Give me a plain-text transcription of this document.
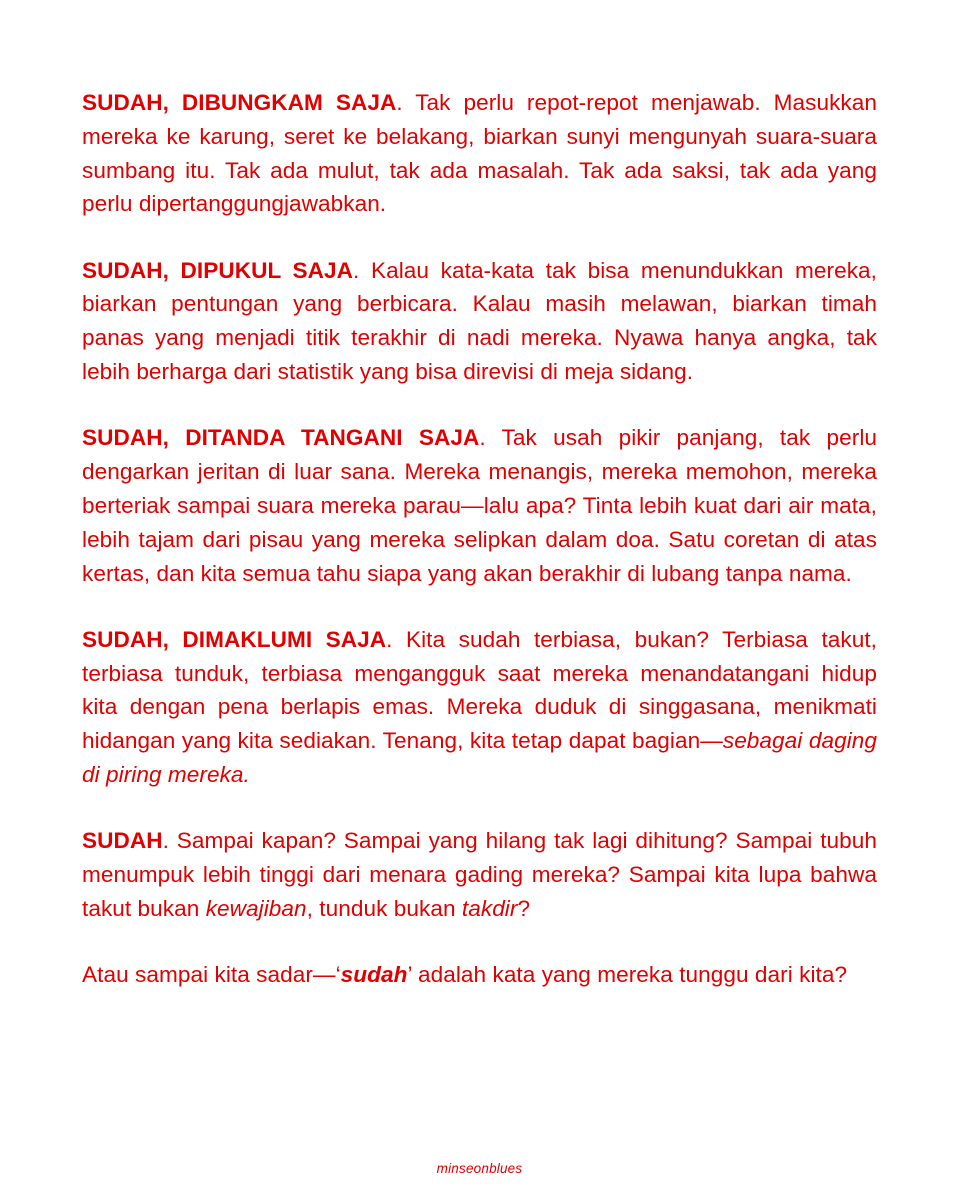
SUDAH, DIBUNGKAM SAJA. Tak perlu repot-repot menjawab. Masukkan mereka ke karung, seret ke belakang, biarkan sunyi mengunyah suara-suara sumbang itu. Tak ada mulut, tak ada masalah. Tak ada saksi, tak ada yang perlu dipertanggungjawabkan.

SUDAH, DIPUKUL SAJA. Kalau kata-kata tak bisa menundukkan mereka, biarkan pentungan yang berbicara. Kalau masih melawan, biarkan timah panas yang menjadi titik terakhir di nadi mereka. Nyawa hanya angka, tak lebih berharga dari statistik yang bisa direvisi di meja sidang.

SUDAH, DITANDA TANGANI SAJA. Tak usah pikir panjang, tak perlu dengarkan jeritan di luar sana. Mereka menangis, mereka memohon, mereka berteriak sampai suara mereka parau—lalu apa? Tinta lebih kuat dari air mata, lebih tajam dari pisau yang mereka selipkan dalam doa. Satu coretan di atas kertas, dan kita semua tahu siapa yang akan berakhir di lubang tanpa nama.

SUDAH, DIMAKLUMI SAJA. Kita sudah terbiasa, bukan? Terbiasa takut, terbiasa tunduk, terbiasa mengangguk saat mereka menandatangani hidup kita dengan pena berlapis emas. Mereka duduk di singgasana, menikmati hidangan yang kita sediakan. Tenang, kita tetap dapat bagian—sebagai daging di piring mereka.

SUDAH. Sampai kapan? Sampai yang hilang tak lagi dihitung? Sampai tubuh menumpuk lebih tinggi dari menara gading mereka? Sampai kita lupa bahwa takut bukan kewajiban, tunduk bukan takdir?

Atau sampai kita sadar—‘sudah’ adalah kata yang mereka tunggu dari kita?

minseonblues
